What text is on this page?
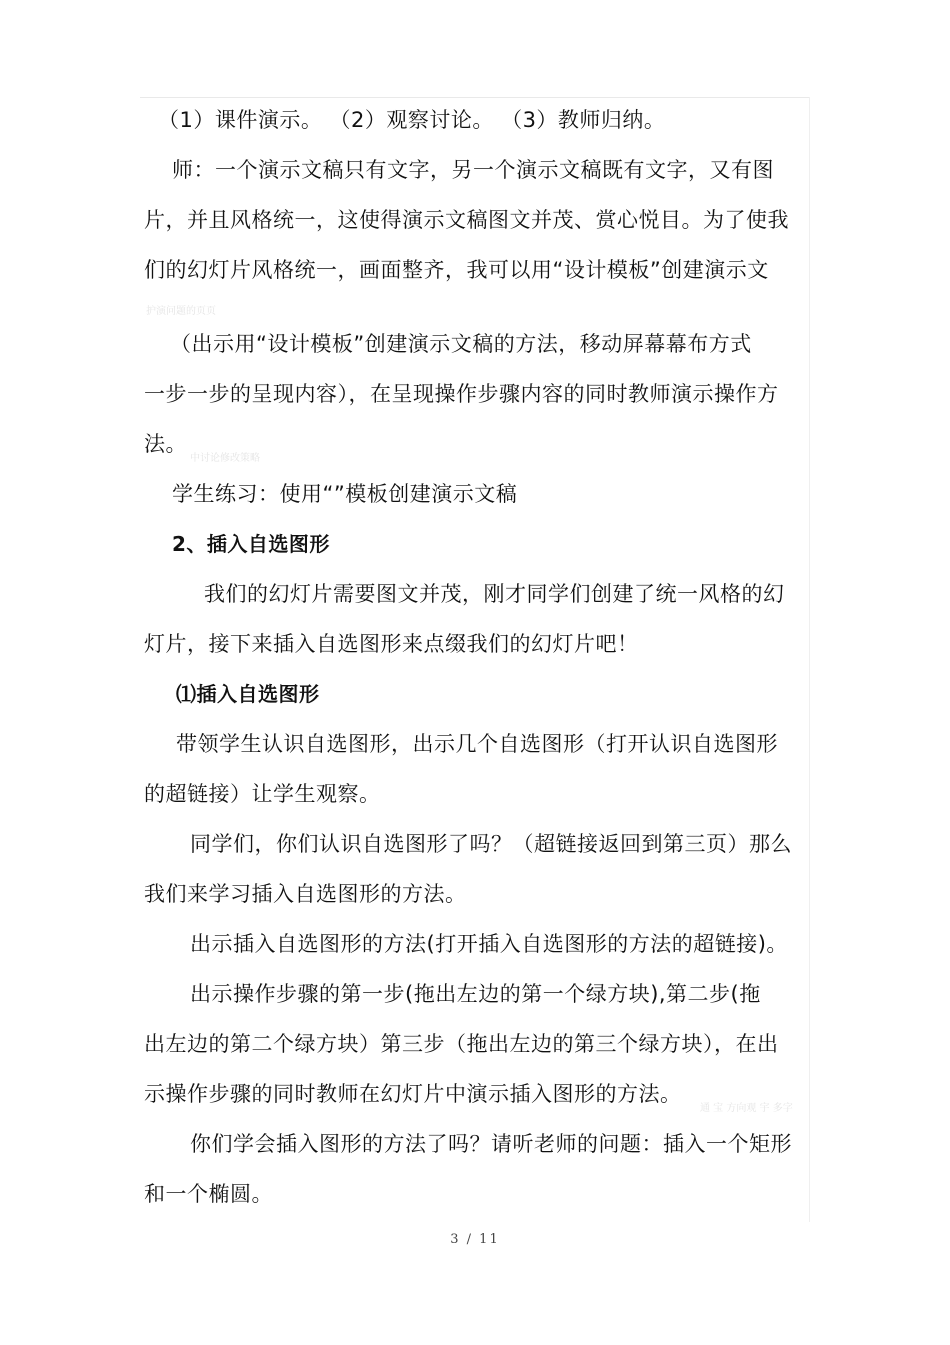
（1）课件演示。 （2）观察讨论。 （3）教师归纳。
师：一个演示文稿只有文字，另一个演示文稿既有文字，又有图
片，并且风格统一，这使得演示文稿图文并茂、赏心悦目。为了使我
们的幻灯片风格统一，画面整齐，我可以用“设计模板”创建演示文
护演问题的页页
（出示用“设计模板”创建演示文稿的方法，移动屏幕幕布方式
一步一步的呈现内容），在呈现操作步骤内容的同时教师演示操作方
法。
中讨论修改策略
学生练习：使用“”模板创建演示文稿
2、插入自选图形
我们的幻灯片需要图文并茂，刚才同学们创建了统一风格的幻
灯片，接下来插入自选图形来点缀我们的幻灯片吧！
⑴插入自选图形
带领学生认识自选图形，出示几个自选图形（打开认识自选图形
的超链接）让学生观察。
同学们，你们认识自选图形了吗？（超链接返回到第三页）那么
我们来学习插入自选图形的方法。
出示插入自选图形的方法(打开插入自选图形的方法的超链接)。
出示操作步骤的第一步(拖出左边的第一个绿方块),第二步(拖
出左边的第二个绿方块）第三步（拖出左边的第三个绿方块），在出
示操作步骤的同时教师在幻灯片中演示插入图形的方法。
通 宝 方向观 宇 多字
你们学会插入图形的方法了吗？请听老师的问题：插入一个矩形
和一个椭圆。
3 / 11
